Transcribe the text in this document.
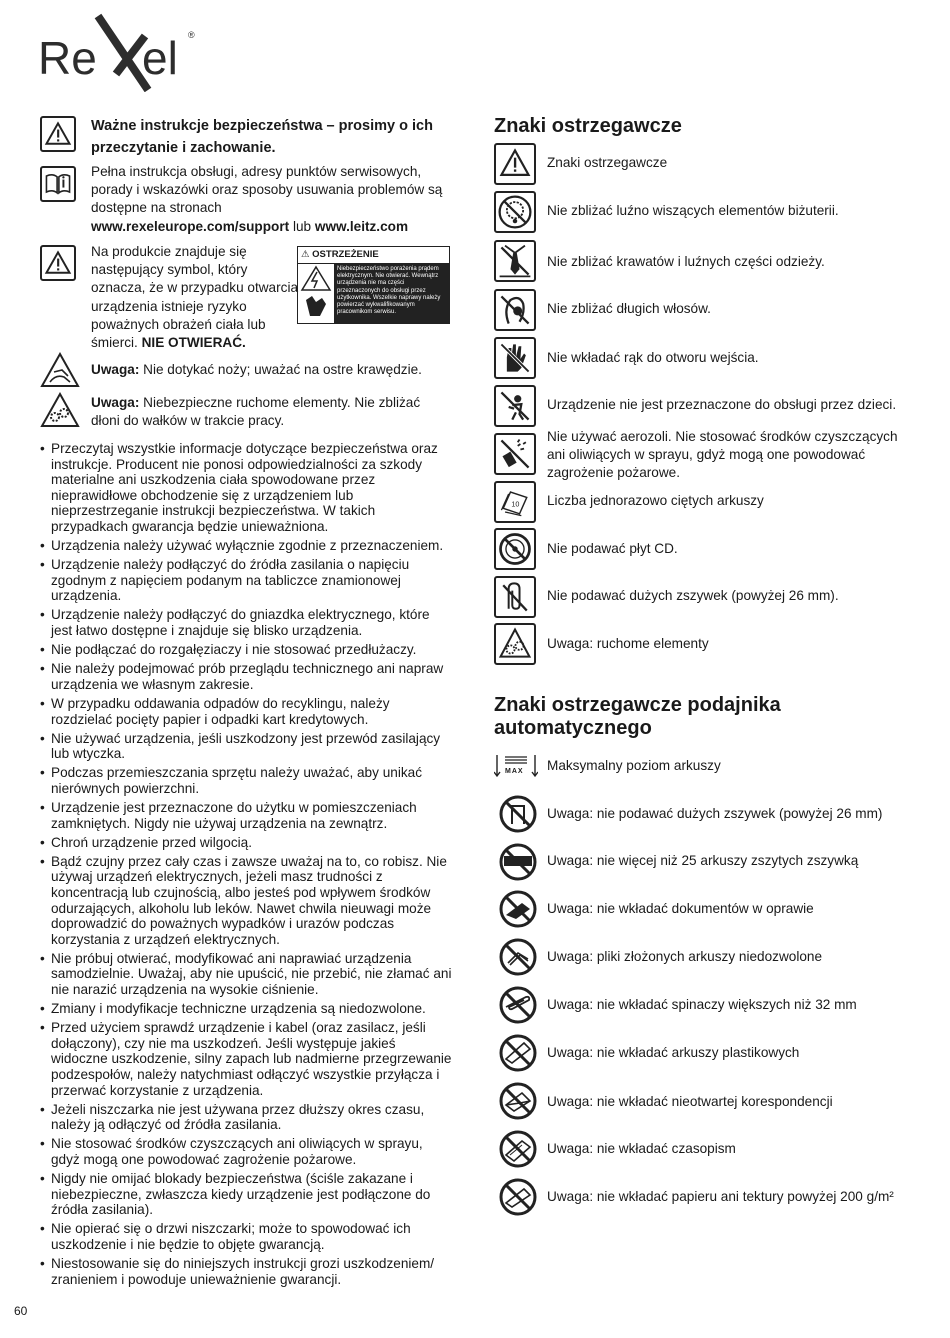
Re el ®
Ważne instrukcje bezpieczeństwa – prosimy o ich przeczytanie i zachowanie.
Pełna instrukcja obsługi, adresy punktów serwisowych, porady i wskazówki oraz sposoby usuwania problemów są dostępne na stronach
www.rexeleurope.com/support lub www.leitz.com
Na produkcie znajduje się następujący symbol, który oznacza, że w przypadku otwarcia urządzenia istnieje ryzyko poważnych obrażeń ciała lub śmierci. NIE OTWIERAĆ.
⚠ OSTRZEŻENIE
Niebezpieczeństwo porażenia prądem elektrycznym. Nie otwierać. Wewnątrz urządzenia nie ma części przeznaczonych do obsługi przez użytkownika. Wszelkie naprawy należy powierzać wykwalifikowanym pracownikom serwisu.
Uwaga: Nie dotykać noży; uważać na ostre krawędzie.
Uwaga: Niebezpieczne ruchome elementy. Nie zbliżać dłoni do wałków w trakcie pracy.
• Przeczytaj wszystkie informacje dotyczące bezpieczeństwa oraz instrukcje. Producent nie ponosi odpowiedzialności za szkody materialne ani uszkodzenia ciała spowodowane przez nieprawidłowe obchodzenie się z urządzeniem lub nieprzestrzeganie instrukcji bezpieczeństwa. W takich przypadkach gwarancja będzie unieważniona.
• Urządzenia należy używać wyłącznie zgodnie z przeznaczeniem.
• Urządzenie należy podłączyć do źródła zasilania o napięciu zgodnym z napięciem podanym na tabliczce znamionowej urządzenia.
• Urządzenie należy podłączyć do gniazdka elektrycznego, które jest łatwo dostępne i znajduje się blisko urządzenia.
• Nie podłączać do rozgałęziaczy i nie stosować przedłużaczy.
• Nie należy podejmować prób przeglądu technicznego ani napraw urządzenia we własnym zakresie.
• W przypadku oddawania odpadów do recyklingu, należy rozdzielać pocięty papier i odpadki kart kredytowych.
• Nie używać urządzenia, jeśli uszkodzony jest przewód zasilający lub wtyczka.
• Podczas przemieszczania sprzętu należy uważać, aby unikać nierównych powierzchni.
• Urządzenie jest przeznaczone do użytku w pomieszczeniach zamkniętych. Nigdy nie używaj urządzenia na zewnątrz.
• Chroń urządzenie przed wilgocią.
• Bądź czujny przez cały czas i zawsze uważaj na to, co robisz. Nie używaj urządzeń elektrycznych, jeżeli masz trudności z koncentracją lub czujnością, albo jesteś pod wpływem środków odurzających, alkoholu lub leków. Nawet chwila nieuwagi może doprowadzić do poważnych wypadków i urazów podczas korzystania z urządzeń elektrycznych.
• Nie próbuj otwierać, modyfikować ani naprawiać urządzenia samodzielnie. Uważaj, aby nie upuścić, nie przebić, nie złamać ani nie narazić urządzenia na wysokie ciśnienie.
• Zmiany i modyfikacje techniczne urządzenia są niedozwolone.
• Przed użyciem sprawdź urządzenie i kabel (oraz zasilacz, jeśli dołączony), czy nie ma uszkodzeń. Jeśli występuje jakieś widoczne uszkodzenie, silny zapach lub nadmierne przegrzewanie podzespołów, należy natychmiast odłączyć wszystkie przyłącza i przerwać korzystanie z urządzenia.
• Jeżeli niszczarka nie jest używana przez dłuższy okres czasu, należy ją odłączyć od źródła zasilania.
• Nie stosować środków czyszczących ani oliwiących w sprayu, gdyż mogą one powodować zagrożenie pożarowe.
• Nigdy nie omijać blokady bezpieczeństwa (ściśle zakazane i niebezpieczne, zwłaszcza kiedy urządzenie jest podłączone do źródła zasilania).
• Nie opierać się o drzwi niszczarki; może to spowodować ich uszkodzenie i nie będzie to objęte gwarancją.
• Niestosowanie się do niniejszych instrukcji grozi uszkodzeniem/ zranieniem i powoduje unieważnienie gwarancji.
60
Znaki ostrzegawcze
Znaki ostrzegawcze
Nie zbliżać luźno wiszących elementów biżuterii.
Nie zbliżać krawatów i luźnych części odzieży.
Nie zbliżać długich włosów.
Nie wkładać rąk do otworu wejścia.
Urządzenie nie jest przeznaczone do obsługi przez dzieci.
Nie używać aerozoli. Nie stosować środków czyszczących ani oliwiących w sprayu, gdyż mogą one powodować zagrożenie pożarowe.
10 Liczba jednorazowo ciętych arkuszy
Nie podawać płyt CD.
Nie podawać dużych zszywek (powyżej 26 mm).
Uwaga: ruchome elementy
Znaki ostrzegawcze podajnika automatycznego
MAX Maksymalny poziom arkuszy
Uwaga: nie podawać dużych zszywek (powyżej 26 mm)
Uwaga: nie więcej niż 25 arkuszy zszytych zszywką
Uwaga: nie wkładać dokumentów w oprawie
Uwaga: pliki złożonych arkuszy niedozwolone
Uwaga: nie wkładać spinaczy większych niż 32 mm
Uwaga: nie wkładać arkuszy plastikowych
Uwaga: nie wkładać nieotwartej korespondencji
Uwaga: nie wkładać czasopism
Uwaga: nie wkładać papieru ani tektury powyżej 200 g/m²
